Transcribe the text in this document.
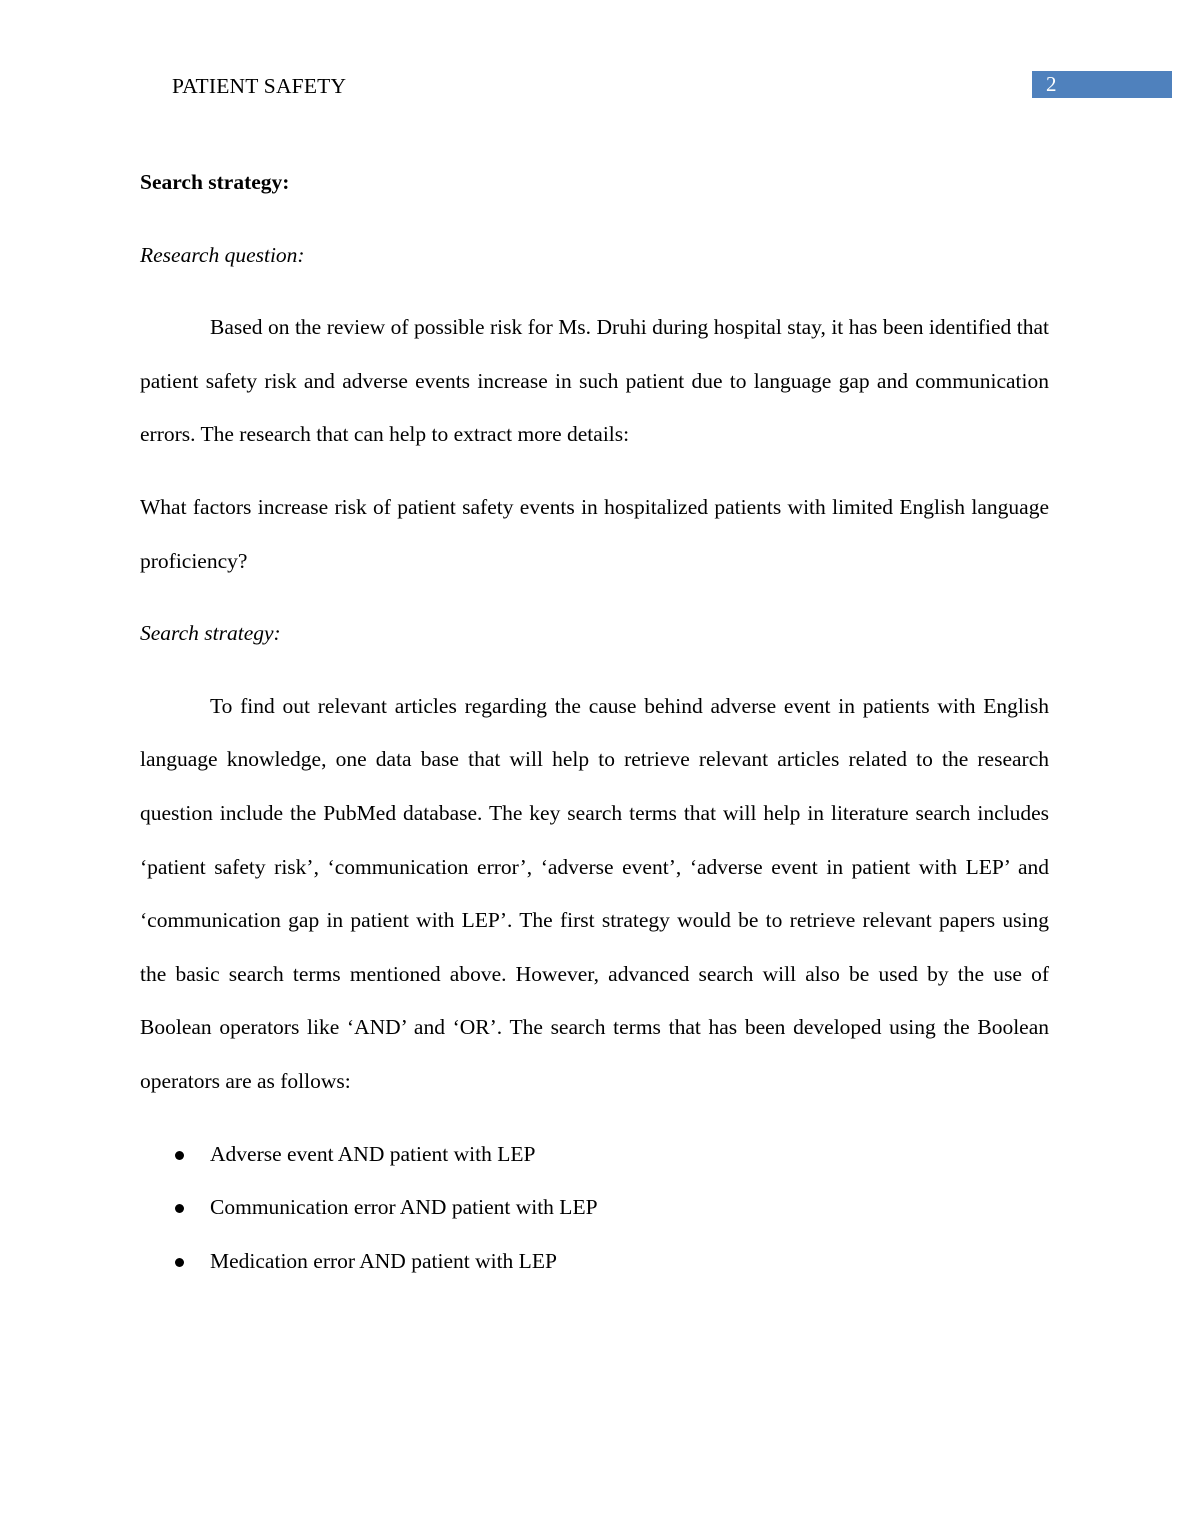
PATIENT SAFETY	2
Search strategy:
Research question:

Based on the review of possible risk for Ms. Druhi during hospital stay, it has been identified that patient safety risk and adverse events increase in such patient due to language gap and communication errors. The research that can help to extract more details:

What factors increase risk of patient safety events in hospitalized patients with limited English language proficiency?

Search strategy:

To find out relevant articles regarding the cause behind adverse event in patients with English language knowledge, one data base that will help to retrieve relevant articles related to the research question include the PubMed database. The key search terms that will help in literature search includes ‘patient safety risk’, ‘communication error’, ‘adverse event’, ‘adverse event in patient with LEP’ and ‘communication gap in patient with LEP’. The first strategy would be to retrieve relevant papers using the basic search terms mentioned above. However, advanced search will also be used by the use of Boolean operators like ‘AND’ and ‘OR’. The search terms that has been developed using the Boolean operators are as follows:

Adverse event AND patient with LEP
Communication error AND patient with LEP
Medication error AND patient with LEP
